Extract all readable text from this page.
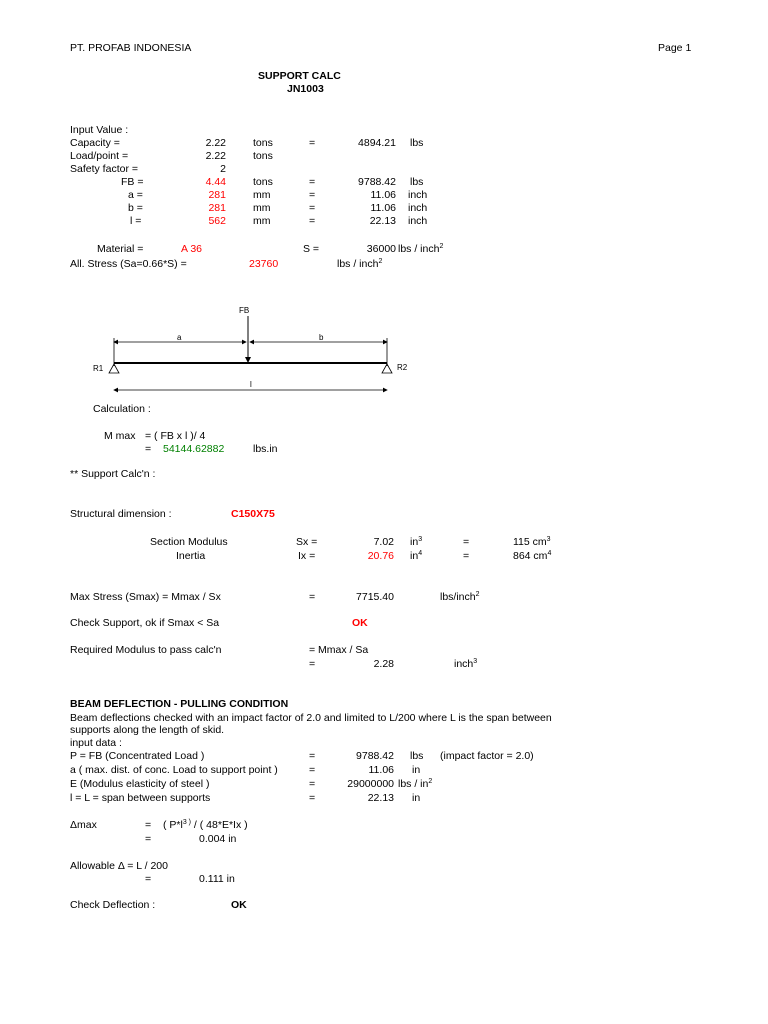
PT. PROFAB INDONESIA	Page 1
SUPPORT CALC
JN1003
Input Value :
Capacity =	2.22	tons	=	4894.21 lbs
Load/point =	2.22	tons
Safety factor =	2
FB =	4.44	tons	=	9788.42 lbs
a =	281	mm	=	11.06 inch
b =	281	mm	=	11.06 inch
l =	562	mm	=	22.13 inch
Material =	A 36	S =	36000 lbs / inch$^2$
All. Stress (Sa=0.66*S) =	23760	lbs / inch$^2$
FB
a	b
R1	R2
l
Calculation :
M max = ( FB x l )/ 4
= 54144.62882	lbs.in
** Support Calc'n :
Structural dimension :	C150X75
Section Modulus	Sx =	7.02 $in^3$	=	115 $cm^3$
Inertia	Ix =	20.76 $in^4$	=	864 $cm^4$
Max Stress (Smax) = Mmax / Sx	=	7715.40	lbs/inch$^2$
Check Support, ok if Smax < Sa	OK
Required Modulus to pass calc'n	= Mmax / Sa
=	2.28	inch$^3$
BEAM DEFLECTION - PULLING CONDITION
Beam deflections checked with an impact factor of 2.0 and limited to L/200 where L is the span between
supports along the length of skid.
input data :
P = FB (Concentrated Load )	=	9788.42 lbs (impact factor = 2.0)
a ( max. dist. of conc. Load to support point )	=	11.06 in
E (Modulus elasticity of steel )	=	29000000 lbs / $in^2$
l = L = span between supports	=	22.13 in
Δmax	= ( $P*l^{3 )}$ / ( 48*E*Ix )
=	0.004 in
Allowable Δ = L / 200
=	0.111 in
Check Deflection :	OK
